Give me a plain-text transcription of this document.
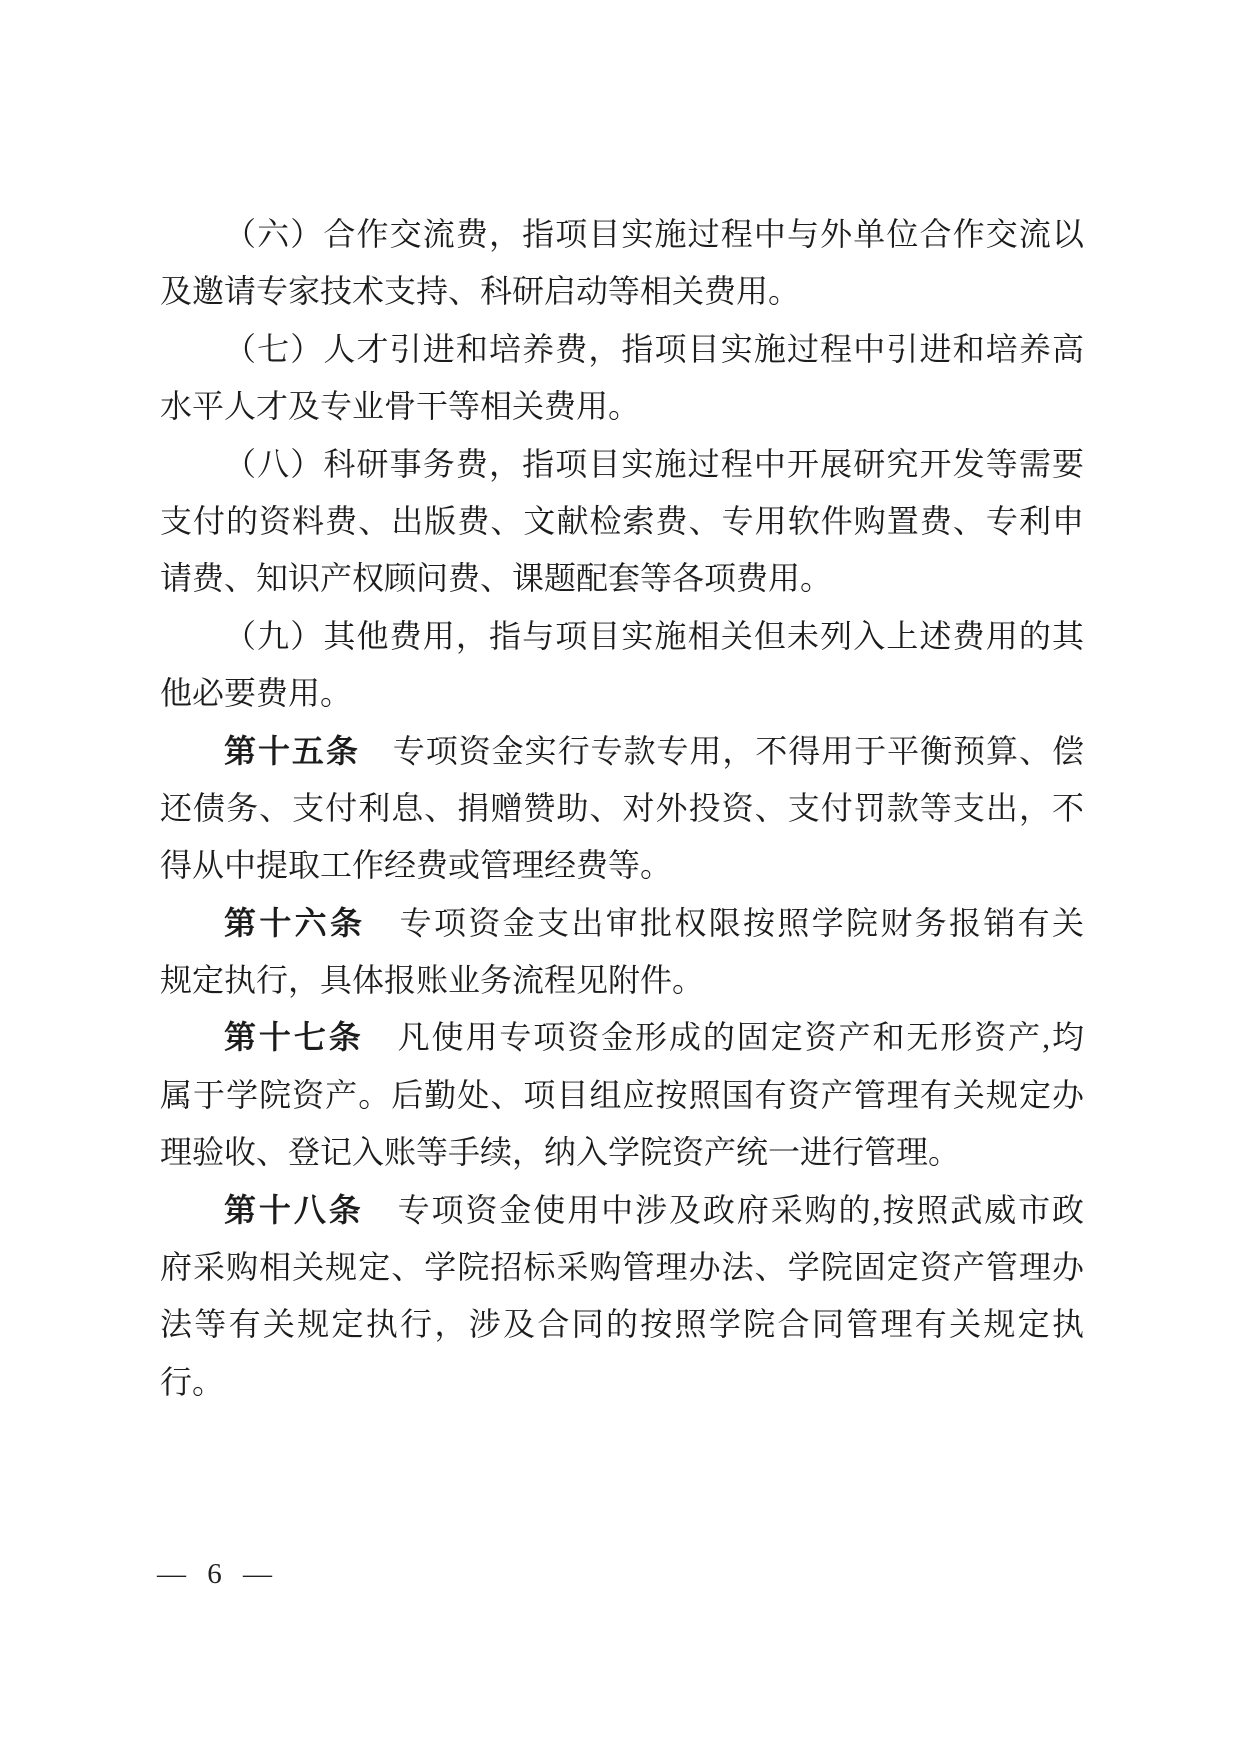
（六）合作交流费，指项目实施过程中与外单位合作交流以
及邀请专家技术支持、科研启动等相关费用。
（七）人才引进和培养费，指项目实施过程中引进和培养高
水平人才及专业骨干等相关费用。
（八）科研事务费，指项目实施过程中开展研究开发等需要
支付的资料费、出版费、文献检索费、专用软件购置费、专利申
请费、知识产权顾问费、课题配套等各项费用。
（九）其他费用，指与项目实施相关但未列入上述费用的其
他必要费用。
第十五条　专项资金实行专款专用，不得用于平衡预算、偿
还债务、支付利息、捐赠赞助、对外投资、支付罚款等支出，不
得从中提取工作经费或管理经费等。
第十六条　专项资金支出审批权限按照学院财务报销有关
规定执行，具体报账业务流程见附件。
第十七条　凡使用专项资金形成的固定资产和无形资产,均
属于学院资产。后勤处、项目组应按照国有资产管理有关规定办
理验收、登记入账等手续，纳入学院资产统一进行管理。
第十八条　专项资金使用中涉及政府采购的,按照武威市政
府采购相关规定、学院招标采购管理办法、学院固定资产管理办
法等有关规定执行，涉及合同的按照学院合同管理有关规定执
行。
— 6 —
